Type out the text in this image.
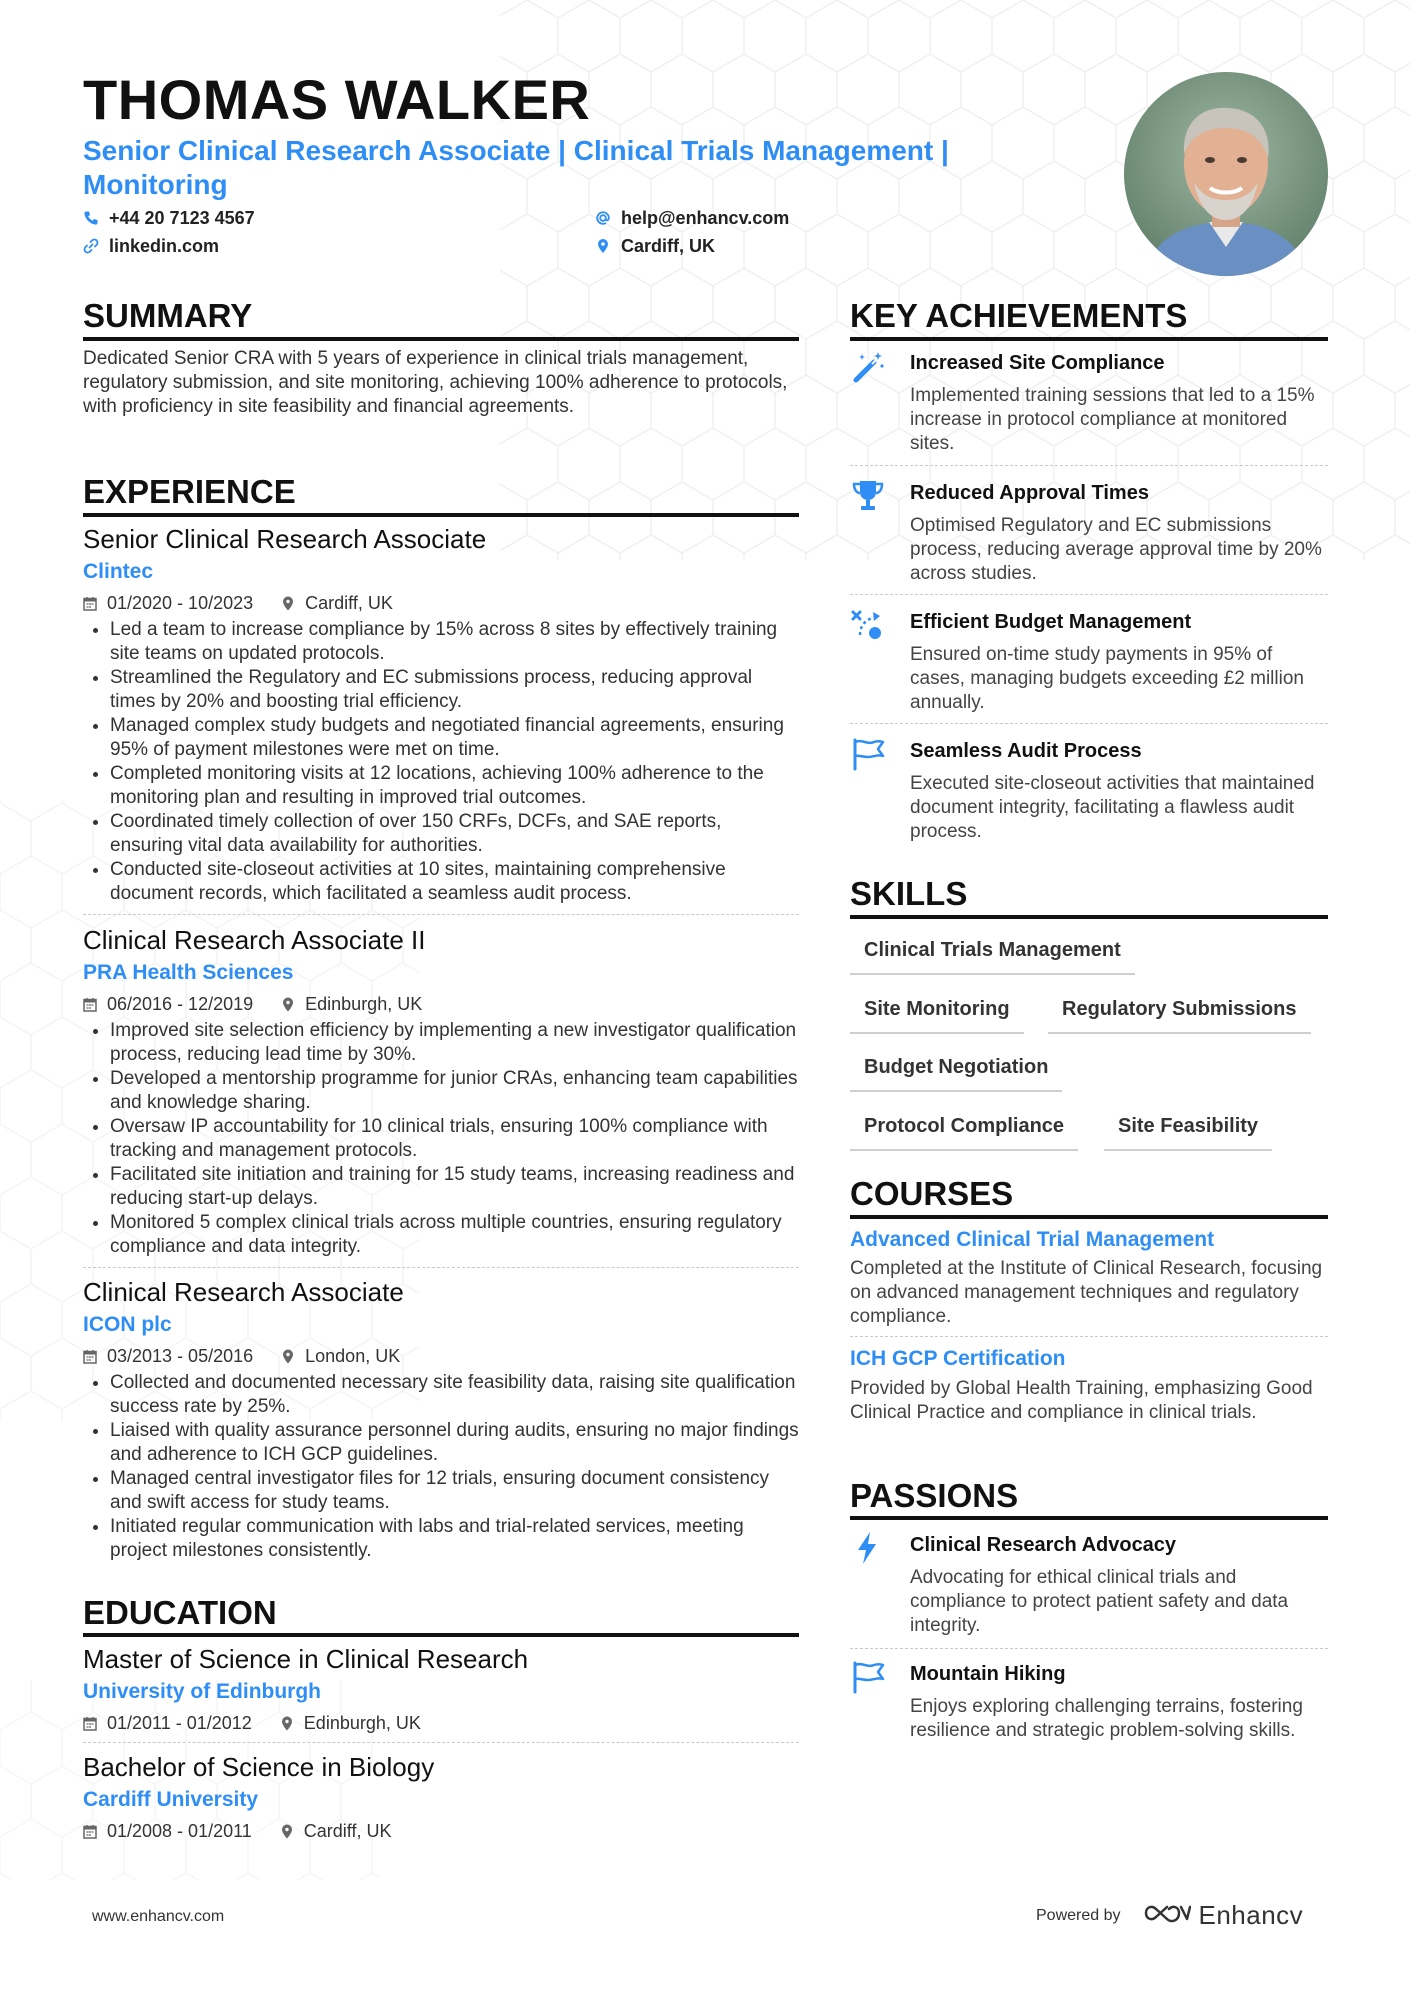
THOMAS WALKER
Senior Clinical Research Associate | Clinical Trials Management | Monitoring
+44 20 7123 4567	help@enhancv.com
linkedin.com	Cardiff, UK
SUMMARY

Dedicated Senior CRA with 5 years of experience in clinical trials management, regulatory submission, and site monitoring, achieving 100% adherence to protocols, with proficiency in site feasibility and financial agreements.

EXPERIENCE
Senior Clinical Research Associate
Clintec
01/2020 - 10/2023	Cardiff, UK
• Led a team to increase compliance by 15% across 8 sites by effectively training site teams on updated protocols.
• Streamlined the Regulatory and EC submissions process, reducing approval times by 20% and boosting trial efficiency.
• Managed complex study budgets and negotiated financial agreements, ensuring 95% of payment milestones were met on time.
• Completed monitoring visits at 12 locations, achieving 100% adherence to the monitoring plan and resulting in improved trial outcomes.
• Coordinated timely collection of over 150 CRFs, DCFs, and SAE reports, ensuring vital data availability for authorities.
• Conducted site-closeout activities at 10 sites, maintaining comprehensive document records, which facilitated a seamless audit process.
Clinical Research Associate II
PRA Health Sciences
06/2016 - 12/2019	Edinburgh, UK
• Improved site selection efficiency by implementing a new investigator qualification process, reducing lead time by 30%.
• Developed a mentorship programme for junior CRAs, enhancing team capabilities and knowledge sharing.
• Oversaw IP accountability for 10 clinical trials, ensuring 100% compliance with tracking and management protocols.
• Facilitated site initiation and training for 15 study teams, increasing readiness and reducing start-up delays.
• Monitored 5 complex clinical trials across multiple countries, ensuring regulatory compliance and data integrity.
Clinical Research Associate
ICON plc
03/2013 - 05/2016	London, UK
• Collected and documented necessary site feasibility data, raising site qualification success rate by 25%.
• Liaised with quality assurance personnel during audits, ensuring no major findings and adherence to ICH GCP guidelines.
• Managed central investigator files for 12 trials, ensuring document consistency and swift access for study teams.
• Initiated regular communication with labs and trial-related services, meeting project milestones consistently.
EDUCATION
Master of Science in Clinical Research
University of Edinburgh
01/2011 - 01/2012	Edinburgh, UK
Bachelor of Science in Biology
Cardiff University
01/2008 - 01/2011	Cardiff, UK
KEY ACHIEVEMENTS
Increased Site Compliance

Implemented training sessions that led to a 15% increase in protocol compliance at monitored sites.

Reduced Approval Times

Optimised Regulatory and EC submissions process, reducing average approval time by 20% across studies.

Efficient Budget Management

Ensured on-time study payments in 95% of cases, managing budgets exceeding £2 million annually.

Seamless Audit Process

Executed site-closeout activities that maintained document integrity, facilitating a flawless audit process.

SKILLS
Clinical Trials Management
Site Monitoring	Regulatory Submissions
Budget Negotiation
Protocol Compliance	Site Feasibility
COURSES
Advanced Clinical Trial Management

Completed at the Institute of Clinical Research, focusing on advanced management techniques and regulatory compliance.

ICH GCP Certification

Provided by Global Health Training, emphasizing Good Clinical Practice and compliance in clinical trials.

PASSIONS
Clinical Research Advocacy

Advocating for ethical clinical trials and compliance to protect patient safety and data integrity.

Mountain Hiking

Enjoys exploring challenging terrains, fostering resilience and strategic problem-solving skills.

www.enhancv.com	Powered by	Enhancv
